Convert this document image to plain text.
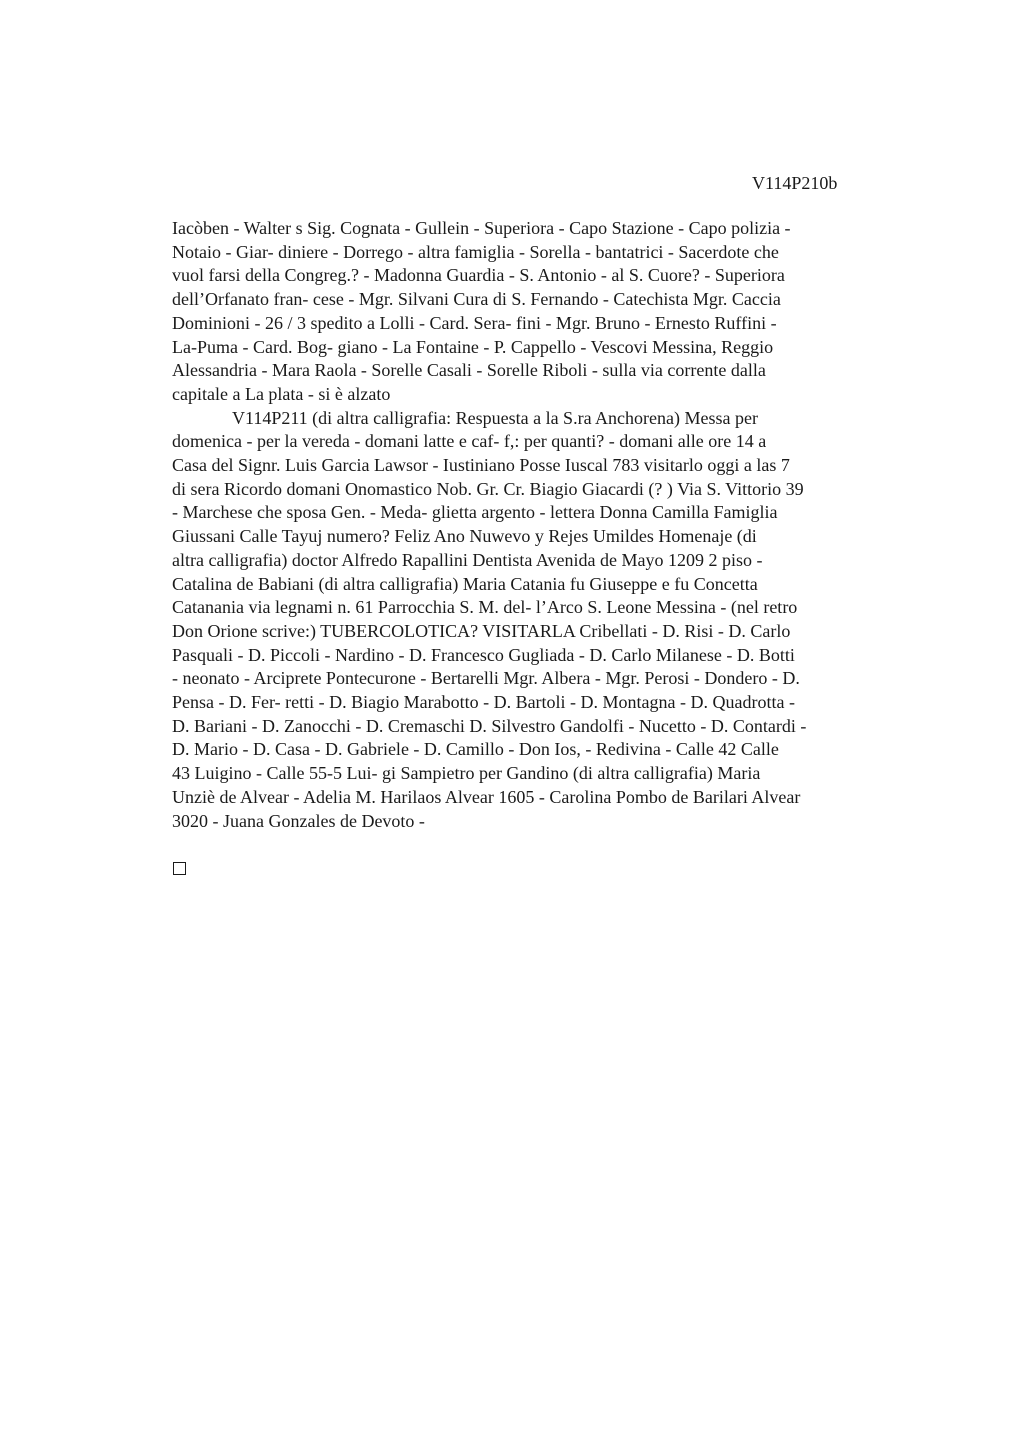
V114P210b
Iacòben - Walter s Sig. Cognata - Gullein - Superiora - Capo Stazione - Capo polizia -
Notaio - Giar- diniere - Dorrego - altra famiglia - Sorella - bantatrici - Sacerdote che
vuol farsi della Congreg.? - Madonna Guardia - S. Antonio - al S. Cuore? - Superiora
dell’Orfanato fran- cese - Mgr. Silvani Cura di S. Fernando - Catechista Mgr. Caccia
Dominioni - 26 / 3 spedito a Lolli - Card. Sera- fini - Mgr. Bruno - Ernesto Ruffini -
La-Puma - Card. Bog- giano - La Fontaine - P. Cappello - Vescovi Messina, Reggio
Alessandria - Mara Raola - Sorelle Casali - Sorelle Riboli - sulla via corrente dalla
capitale a La plata - si è alzato
V114P211 (di altra calligrafia: Respuesta a la S.ra Anchorena) Messa per
domenica - per la vereda - domani latte e caf- f,: per quanti? - domani alle ore 14 a
Casa del Signr. Luis Garcia Lawsor - Iustiniano Posse Iuscal 783 visitarlo oggi a las 7
di sera Ricordo domani Onomastico Nob. Gr. Cr. Biagio Giacardi (? ) Via S. Vittorio 39
- Marchese che sposa Gen. - Meda- glietta argento - lettera Donna Camilla Famiglia
Giussani Calle Tayuj numero? Feliz Ano Nuwevo y Rejes Umildes Homenaje (di
altra calligrafia) doctor Alfredo Rapallini Dentista Avenida de Mayo 1209 2 piso -
Catalina de Babiani (di altra calligrafia) Maria Catania fu Giuseppe e fu Concetta
Catanania via legnami n. 61 Parrocchia S. M. del- l’Arco S. Leone Messina - (nel retro
Don Orione scrive:) TUBERCOLOTICA? VISITARLA Cribellati - D. Risi - D. Carlo
Pasquali - D. Piccoli - Nardino - D. Francesco Gugliada - D. Carlo Milanese - D. Botti
- neonato - Arciprete Pontecurone - Bertarelli Mgr. Albera - Mgr. Perosi - Dondero - D.
Pensa - D. Fer- retti - D. Biagio Marabotto - D. Bartoli - D. Montagna - D. Quadrotta -
D. Bariani - D. Zanocchi - D. Cremaschi D. Silvestro Gandolfi - Nucetto - D. Contardi -
D. Mario - D. Casa - D. Gabriele - D. Camillo - Don Ios, - Redivina - Calle 42 Calle
43 Luigino - Calle 55-5 Lui- gi Sampietro per Gandino (di altra calligrafia) Maria
Unziè de Alvear - Adelia M. Harilaos Alvear 1605 - Carolina Pombo de Barilari Alvear
3020 - Juana Gonzales de Devoto -
